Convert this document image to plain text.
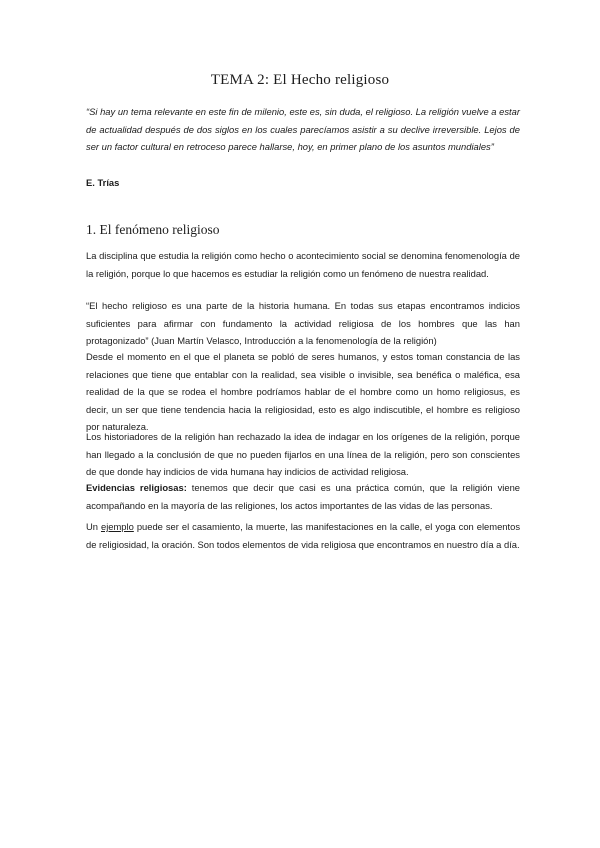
TEMA 2: El Hecho religioso
“Si hay un tema relevante en este fin de milenio, este es, sin duda, el religioso. La religión vuelve a estar de actualidad después de dos siglos en los cuales parecíamos asistir a su declive irreversible. Lejos de ser un factor cultural en retroceso parece hallarse, hoy, en primer plano de los asuntos mundiales”
E. Trías
1. El fenómeno religioso
La disciplina que estudia la religión como hecho o acontecimiento social se denomina fenomenología de la religión, porque lo que hacemos es estudiar la religión como un fenómeno de nuestra realidad.
“El hecho religioso es una parte de la historia humana. En todas sus etapas encontramos indicios suficientes para afirmar con fundamento la actividad religiosa de los hombres que las han protagonizado” (Juan Martín Velasco, Introducción a la fenomenología de la religión)
Desde el momento en el que el planeta se pobló de seres humanos, y estos toman constancia de las relaciones que tiene que entablar con la realidad, sea visible o invisible, sea benéfica o maléfica, esa realidad de la que se rodea el hombre podríamos hablar de el hombre como un homo religiosus, es decir, un ser que tiene tendencia hacia la religiosidad, esto es algo indiscutible, el hombre es religioso por naturaleza.
Los historiadores de la religión han rechazado la idea de indagar en los orígenes de la religión, porque han llegado a la conclusión de que no pueden fijarlos en una línea de la religión, pero son conscientes de que donde hay indicios de vida humana hay indicios de actividad religiosa.
Evidencias religiosas: tenemos que decir que casi es una práctica común, que la religión viene acompañando en la mayoría de las religiones, los actos importantes de las vidas de las personas.
Un ejemplo puede ser el casamiento, la muerte, las manifestaciones en la calle, el yoga con elementos de religiosidad, la oración. Son todos elementos de vida religiosa que encontramos en nuestro día a día.
